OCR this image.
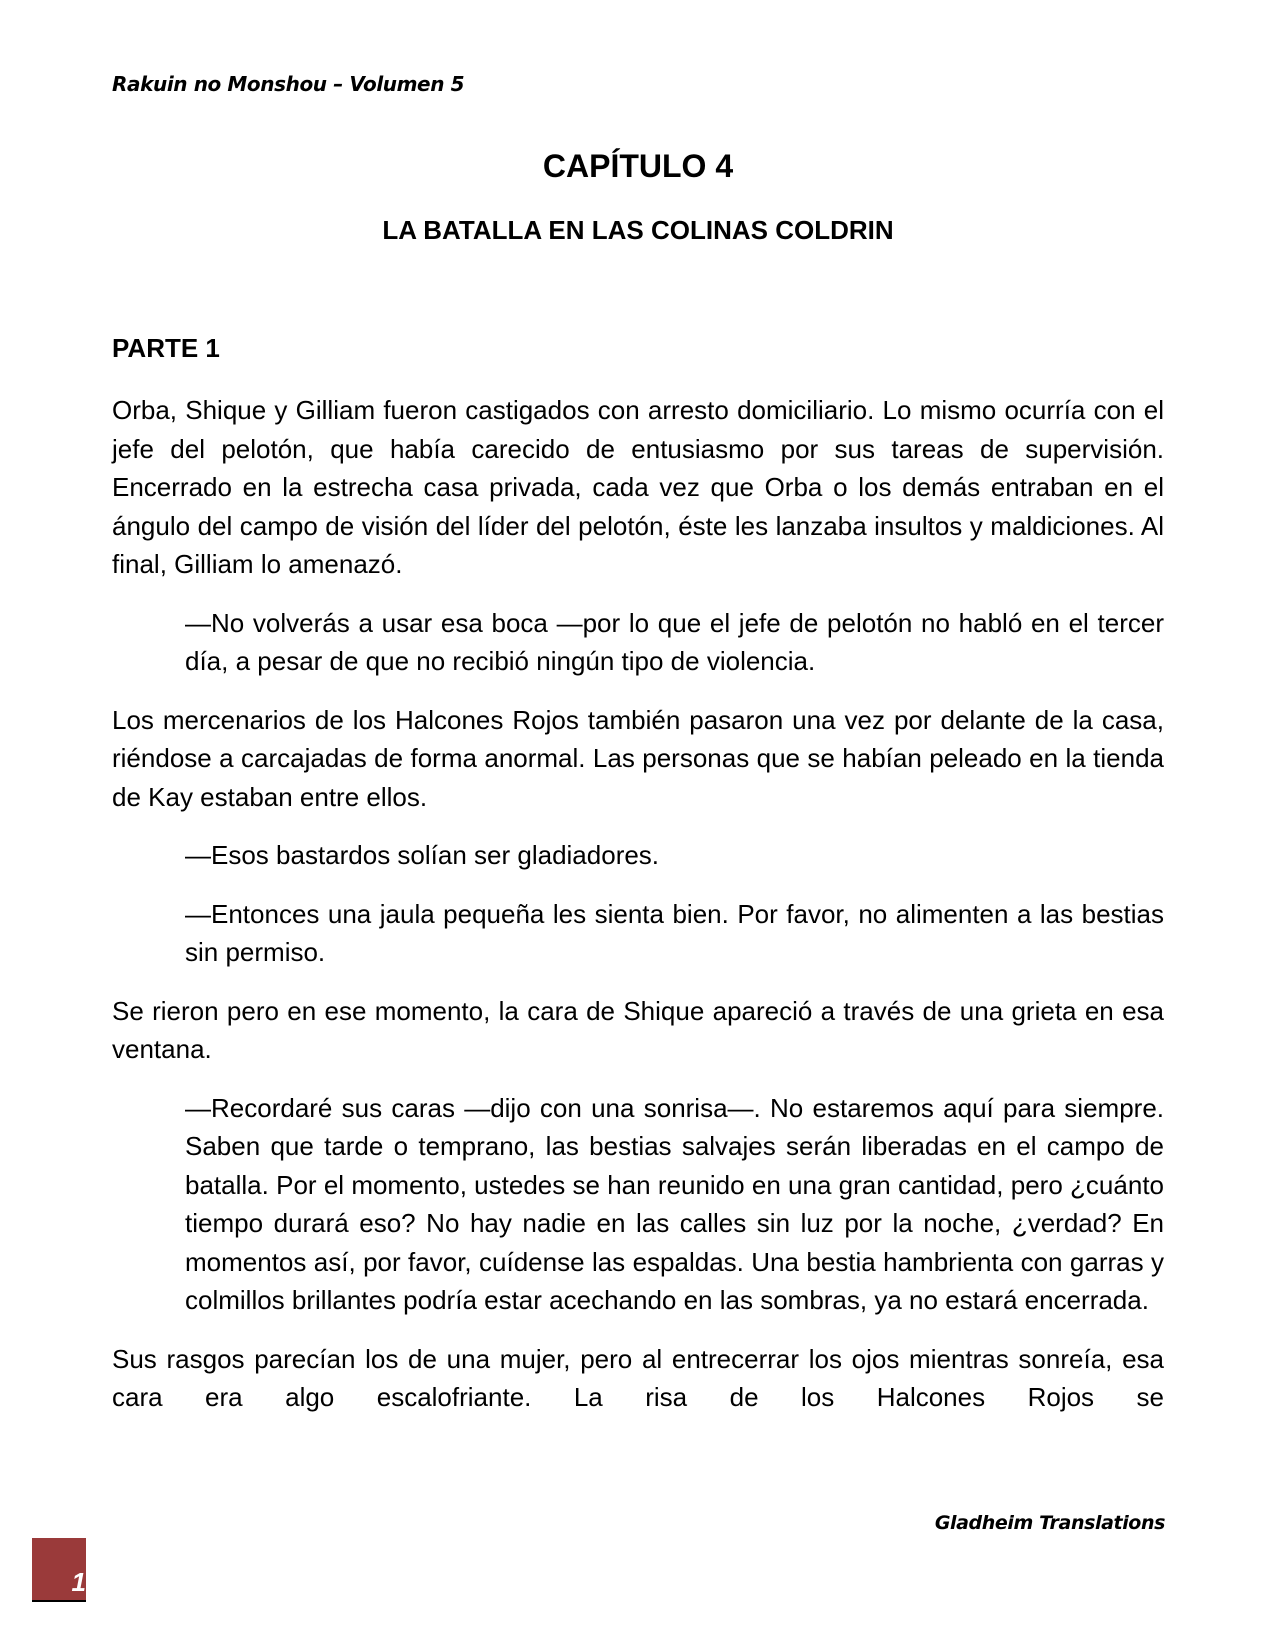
Rakuin no Monshou – Volumen 5
CAPÍTULO 4
LA BATALLA EN LAS COLINAS COLDRIN
PARTE 1

Orba, Shique y Gilliam fueron castigados con arresto domiciliario. Lo mismo ocurría con el jefe del pelotón, que había carecido de entusiasmo por sus tareas de supervisión. Encerrado en la estrecha casa privada, cada vez que Orba o los demás entraban en el ángulo del campo de visión del líder del pelotón, éste les lanzaba insultos y maldiciones. Al final, Gilliam lo amenazó.

—No volverás a usar esa boca —por lo que el jefe de pelotón no habló en el tercer día, a pesar de que no recibió ningún tipo de violencia.

Los mercenarios de los Halcones Rojos también pasaron una vez por delante de la casa, riéndose a carcajadas de forma anormal. Las personas que se habían peleado en la tienda de Kay estaban entre ellos.

—Esos bastardos solían ser gladiadores.

—Entonces una jaula pequeña les sienta bien. Por favor, no alimenten a las bestias sin permiso.

Se rieron pero en ese momento, la cara de Shique apareció a través de una grieta en esa ventana.

—Recordaré sus caras —dijo con una sonrisa—. No estaremos aquí para siempre. Saben que tarde o temprano, las bestias salvajes serán liberadas en el campo de batalla. Por el momento, ustedes se han reunido en una gran cantidad, pero ¿cuánto tiempo durará eso? No hay nadie en las calles sin luz por la noche, ¿verdad? En momentos así, por favor, cuídense las espaldas. Una bestia hambrienta con garras y colmillos brillantes podría estar acechando en las sombras, ya no estará encerrada.

Sus rasgos parecían los de una mujer, pero al entrecerrar los ojos mientras sonreía, esa cara era algo escalofriante. La risa de los Halcones Rojos se

Gladheim Translations
1
